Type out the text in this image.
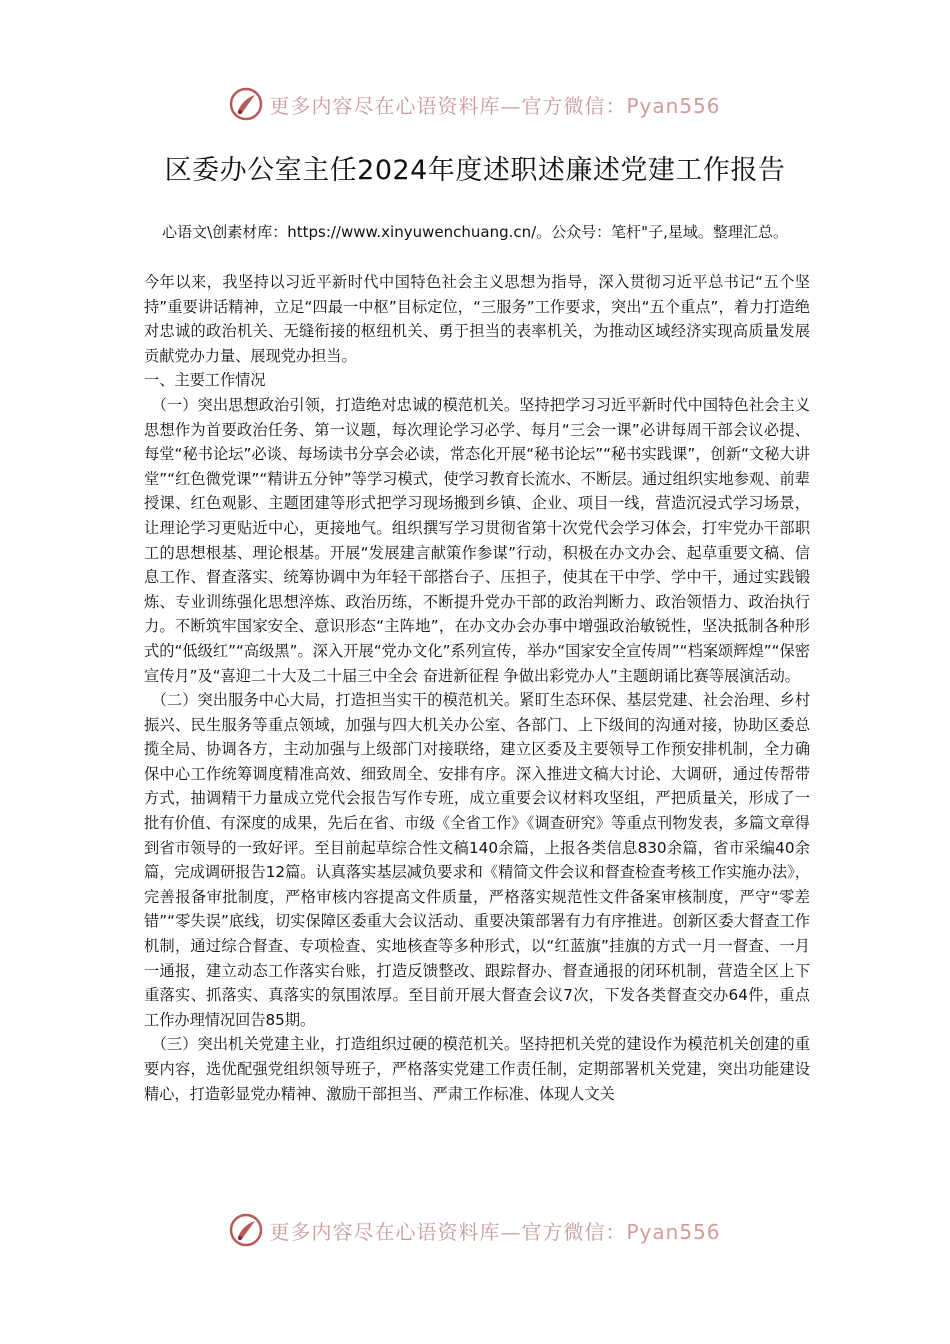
更多内容尽在心语资料库—官方微信：Pyan556
区委办公室主任2024年度述职述廉述党建工作报告
心语文\创素材库：https://www.xinyuwenchuang.cn/。公众号：笔杆"子,星域。整理汇总。

今年以来，我坚持以习近平新时代中国特色社会主义思想为指导，深入贯彻习近平总书记“五个坚持”重要讲话精神，立足“四最一中枢”目标定位，“三服务”工作要求，突出“五个重点”，着力打造绝对忠诚的政治机关、无缝衔接的枢纽机关、勇于担当的表率机关，为推动区域经济实现高质量发展贡献党办力量、展现党办担当。

一、主要工作情况

（一）突出思想政治引领，打造绝对忠诚的模范机关。坚持把学习习近平新时代中国特色社会主义思想作为首要政治任务、第一议题，每次理论学习必学、每月“三会一课”必讲每周干部会议必提、每堂“秘书论坛”必谈、每场读书分享会必读，常态化开展“秘书论坛”“秘书实践课”，创新“文秘大讲堂”“红色微党课”“精讲五分钟”等学习模式，使学习教育长流水、不断层。通过组织实地参观、前辈授课、红色观影、主题团建等形式把学习现场搬到乡镇、企业、项目一线，营造沉浸式学习场景，让理论学习更贴近中心，更接地气。组织撰写学习贯彻省第十次党代会学习体会，打牢党办干部职工的思想根基、理论根基。开展“发展建言献策作参谋”行动，积极在办文办会、起草重要文稿、信息工作、督查落实、统筹协调中为年轻干部搭台子、压担子，使其在干中学、学中干，通过实践锻炼、专业训练强化思想淬炼、政治历练，不断提升党办干部的政治判断力、政治领悟力、政治执行力。不断筑牢国家安全、意识形态“主阵地”，在办文办会办事中增强政治敏锐性，坚决抵制各种形式的“低级红”“高级黑”。深入开展“党办文化”系列宣传，举办“国家安全宣传周”“档案颂辉煌”“保密宣传月”及“喜迎二十大及二十届三中全会 奋进新征程 争做出彩党办人”主题朗诵比赛等展演活动。

（二）突出服务中心大局，打造担当实干的模范机关。紧盯生态环保、基层党建、社会治理、乡村振兴、民生服务等重点领域，加强与四大机关办公室、各部门、上下级间的沟通对接，协助区委总揽全局、协调各方，主动加强与上级部门对接联络，建立区委及主要领导工作预安排机制，全力确保中心工作统筹调度精准高效、细致周全、安排有序。深入推进文稿大讨论、大调研，通过传帮带方式，抽调精干力量成立党代会报告写作专班，成立重要会议材料攻坚组，严把质量关，形成了一批有价值、有深度的成果，先后在省、市级《全省工作》《调查研究》等重点刊物发表，多篇文章得到省市领导的一致好评。至目前起草综合性文稿140余篇，上报各类信息830余篇，省市采编40余篇，完成调研报告12篇。认真落实基层减负要求和《精简文件会议和督查检查考核工作实施办法》，完善报备审批制度，严格审核内容提高文件质量，严格落实规范性文件备案审核制度，严守“零差错”“零失误”底线，切实保障区委重大会议活动、重要决策部署有力有序推进。创新区委大督查工作机制，通过综合督查、专项检查、实地核查等多种形式，以“红蓝旗”挂旗的方式一月一督查、一月一通报，建立动态工作落实台账，打造反馈整改、跟踪督办、督查通报的闭环机制，营造全区上下重落实、抓落实、真落实的氛围浓厚。至目前开展大督查会议7次，下发各类督查交办64件，重点工作办理情况回告85期。

（三）突出机关党建主业，打造组织过硬的模范机关。坚持把机关党的建设作为模范机关创建的重要内容，选优配强党组织领导班子，严格落实党建工作责任制，定期部署机关党建，突出功能建设精心，打造彰显党办精神、激励干部担当、严肃工作标准、体现人文关

更多内容尽在心语资料库—官方微信：Pyan556
